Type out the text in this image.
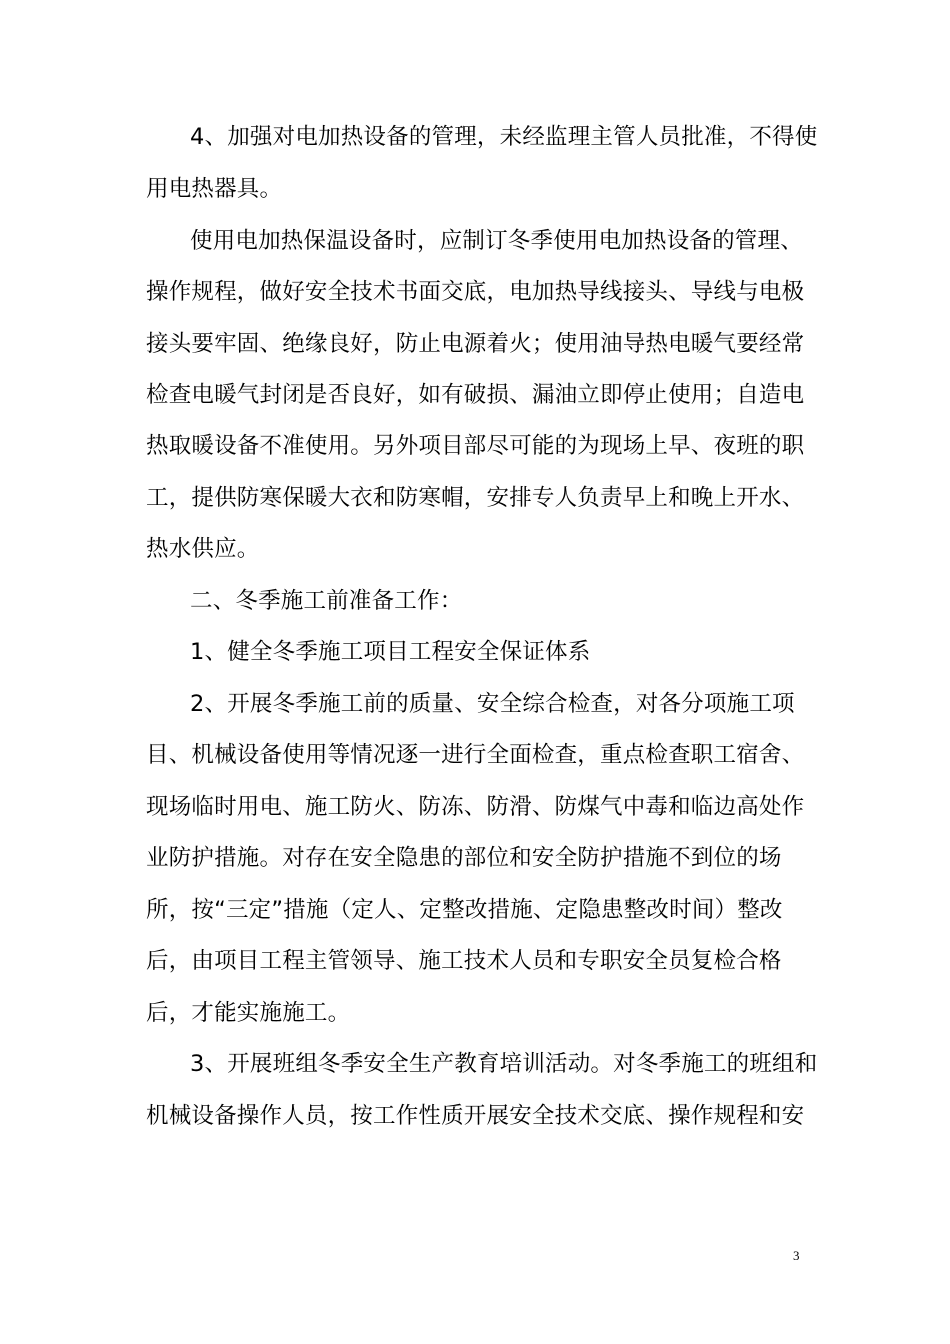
4、加强对电加热设备的管理，未经监理主管人员批准，不得使
用电热器具。
使用电加热保温设备时，应制订冬季使用电加热设备的管理、
操作规程，做好安全技术书面交底，电加热导线接头、导线与电极
接头要牢固、绝缘良好，防止电源着火；使用油导热电暖气要经常
检查电暖气封闭是否良好，如有破损、漏油立即停止使用；自造电
热取暖设备不准使用。另外项目部尽可能的为现场上早、夜班的职
工，提供防寒保暖大衣和防寒帽，安排专人负责早上和晚上开水、
热水供应。
二、冬季施工前准备工作：
1、健全冬季施工项目工程安全保证体系
2、开展冬季施工前的质量、安全综合检查，对各分项施工项
目、机械设备使用等情况逐一进行全面检查，重点检查职工宿舍、
现场临时用电、施工防火、防冻、防滑、防煤气中毒和临边高处作
业防护措施。对存在安全隐患的部位和安全防护措施不到位的场
所，按“三定”措施（定人、定整改措施、定隐患整改时间）整改
后，由项目工程主管领导、施工技术人员和专职安全员复检合格
后，才能实施施工。
3、开展班组冬季安全生产教育培训活动。对冬季施工的班组和
机械设备操作人员，按工作性质开展安全技术交底、操作规程和安
3
